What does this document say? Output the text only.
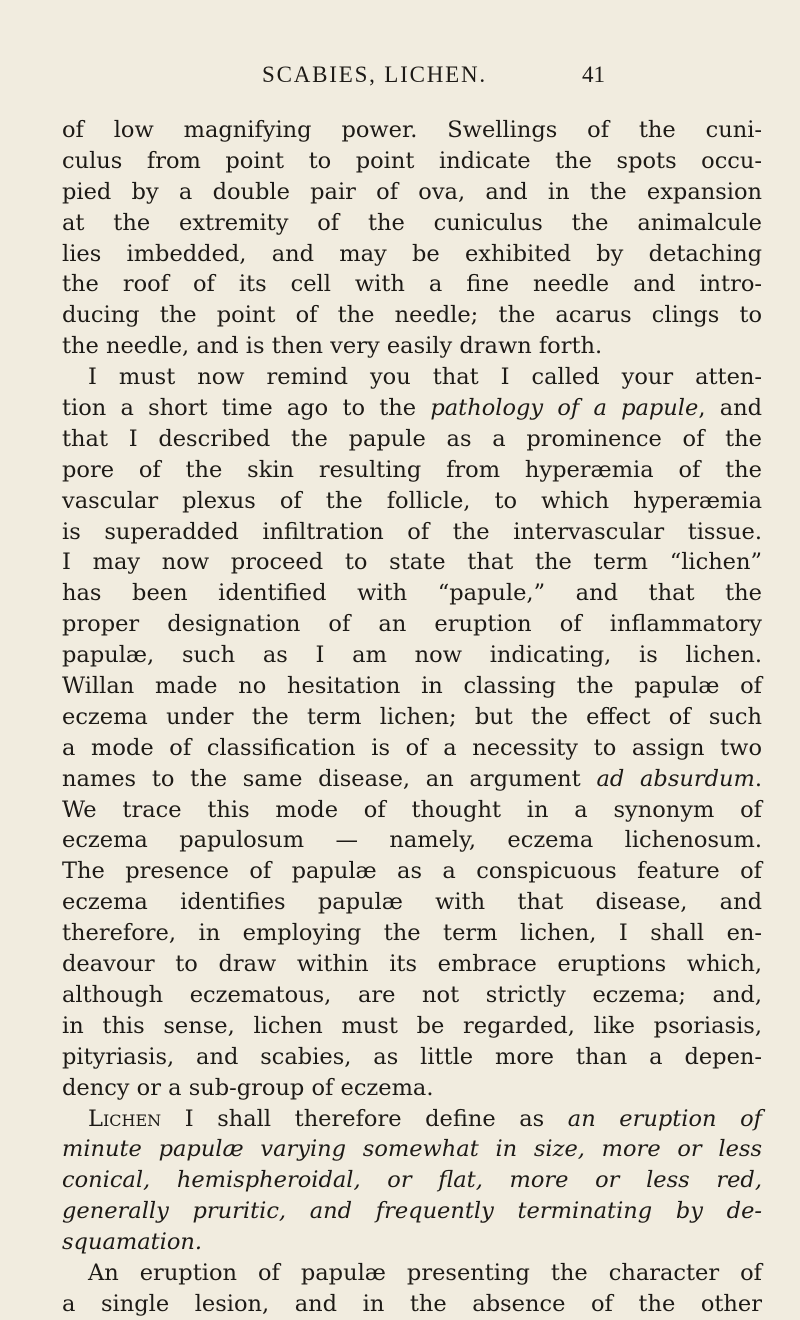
SCABIES, LICHEN.	41
of low magnifying power. Swellings of the cuni-
culus from point to point indicate the spots occu-
pied by a double pair of ova, and in the expansion
at the extremity of the cuniculus the animalcule
lies imbedded, and may be exhibited by detaching
the roof of its cell with a fine needle and intro-
ducing the point of the needle; the acarus clings to
the needle, and is then very easily drawn forth.
I must now remind you that I called your atten-
tion a short time ago to the pathology of a papule, and
that I described the papule as a prominence of the
pore of the skin resulting from hyperæmia of the
vascular plexus of the follicle, to which hyperæmia
is superadded infiltration of the intervascular tissue.
I may now proceed to state that the term “lichen”
has been identified with “papule,” and that the
proper designation of an eruption of inflammatory
papulæ, such as I am now indicating, is lichen.
Willan made no hesitation in classing the papulæ of
eczema under the term lichen; but the effect of such
a mode of classification is of a necessity to assign two
names to the same disease, an argument ad absurdum.
We trace this mode of thought in a synonym of
eczema papulosum — namely, eczema lichenosum.
The presence of papulæ as a conspicuous feature of
eczema identifies papulæ with that disease, and
therefore, in employing the term lichen, I shall en-
deavour to draw within its embrace eruptions which,
although eczematous, are not strictly eczema; and,
in this sense, lichen must be regarded, like psoriasis,
pityriasis, and scabies, as little more than a depen-
dency or a sub-group of eczema.
Lichen I shall therefore define as an eruption of
minute papulæ varying somewhat in size, more or less
conical, hemispheroidal, or flat, more or less red,
generally pruritic, and frequently terminating by de-
squamation.
An eruption of papulæ presenting the character of
a single lesion, and in the absence of the other
